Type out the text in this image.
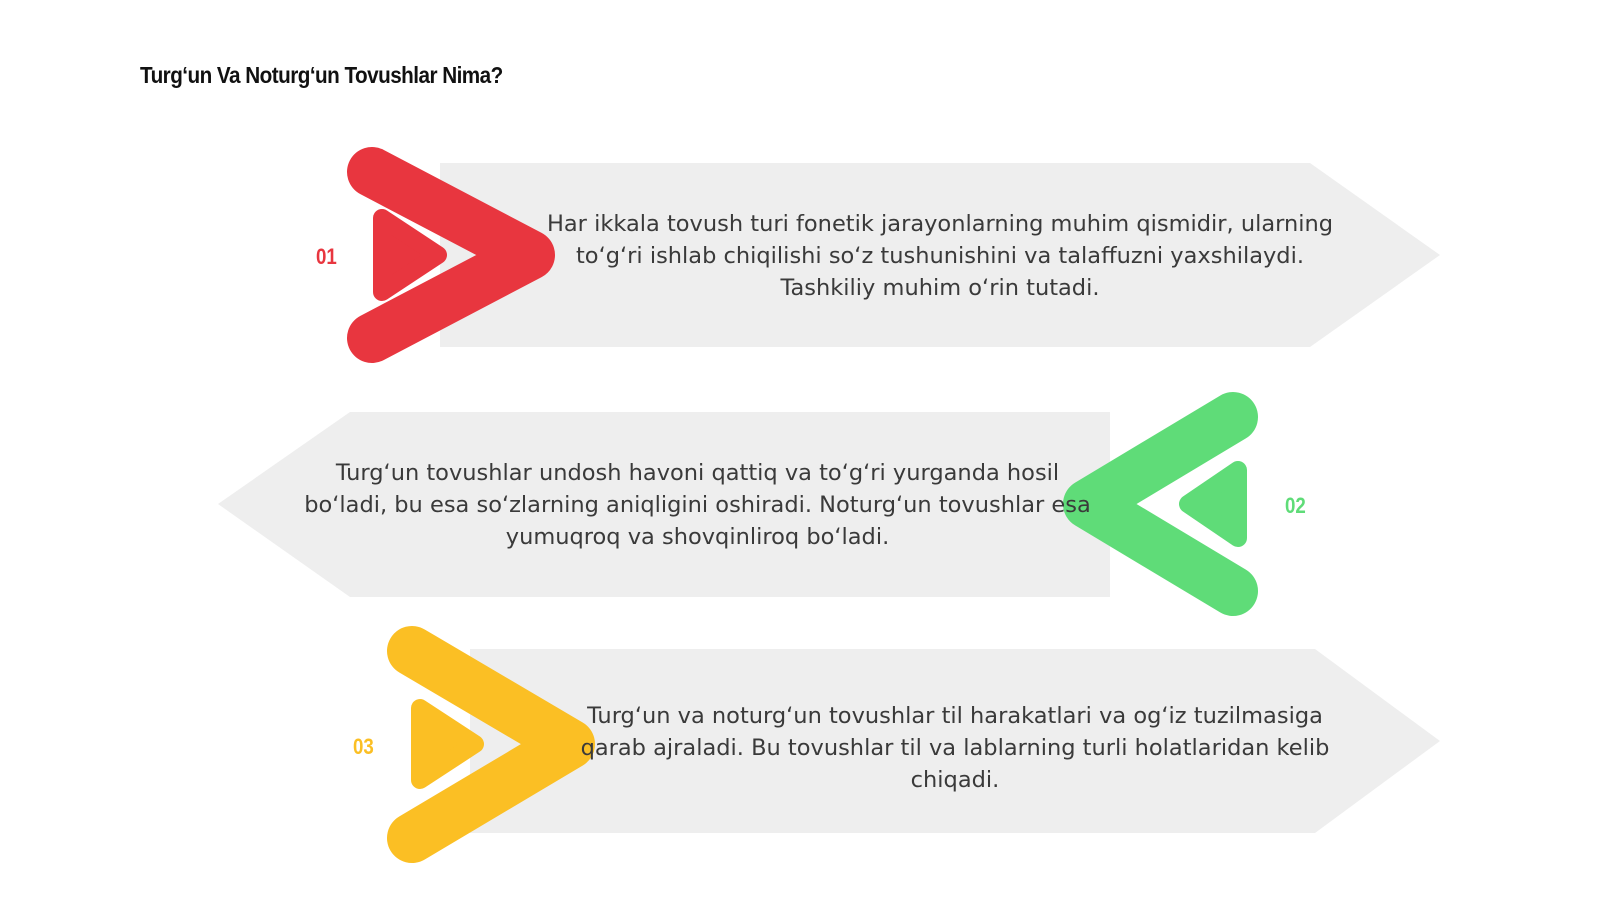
Turg‘un Va Noturg‘un Tovushlar Nima?
01
Har ikkala tovush turi fonetik jarayonlarning muhim qismidir, ularning to‘g‘ri ishlab chiqilishi so‘z tushunishini va talaffuzni yaxshilaydi. Tashkiliy muhim o‘rin tutadi.
02
Turg‘un tovushlar undosh havoni qattiq va to‘g‘ri yurganda hosil bo‘ladi, bu esa so‘zlarning aniqligini oshiradi. Noturg‘un tovushlar esa yumuqroq va shovqinliroq bo‘ladi.
03
Turg‘un va noturg‘un tovushlar til harakatlari va og‘iz tuzilmasiga qarab ajraladi. Bu tovushlar til va lablarning turli holatlaridan kelib chiqadi.
